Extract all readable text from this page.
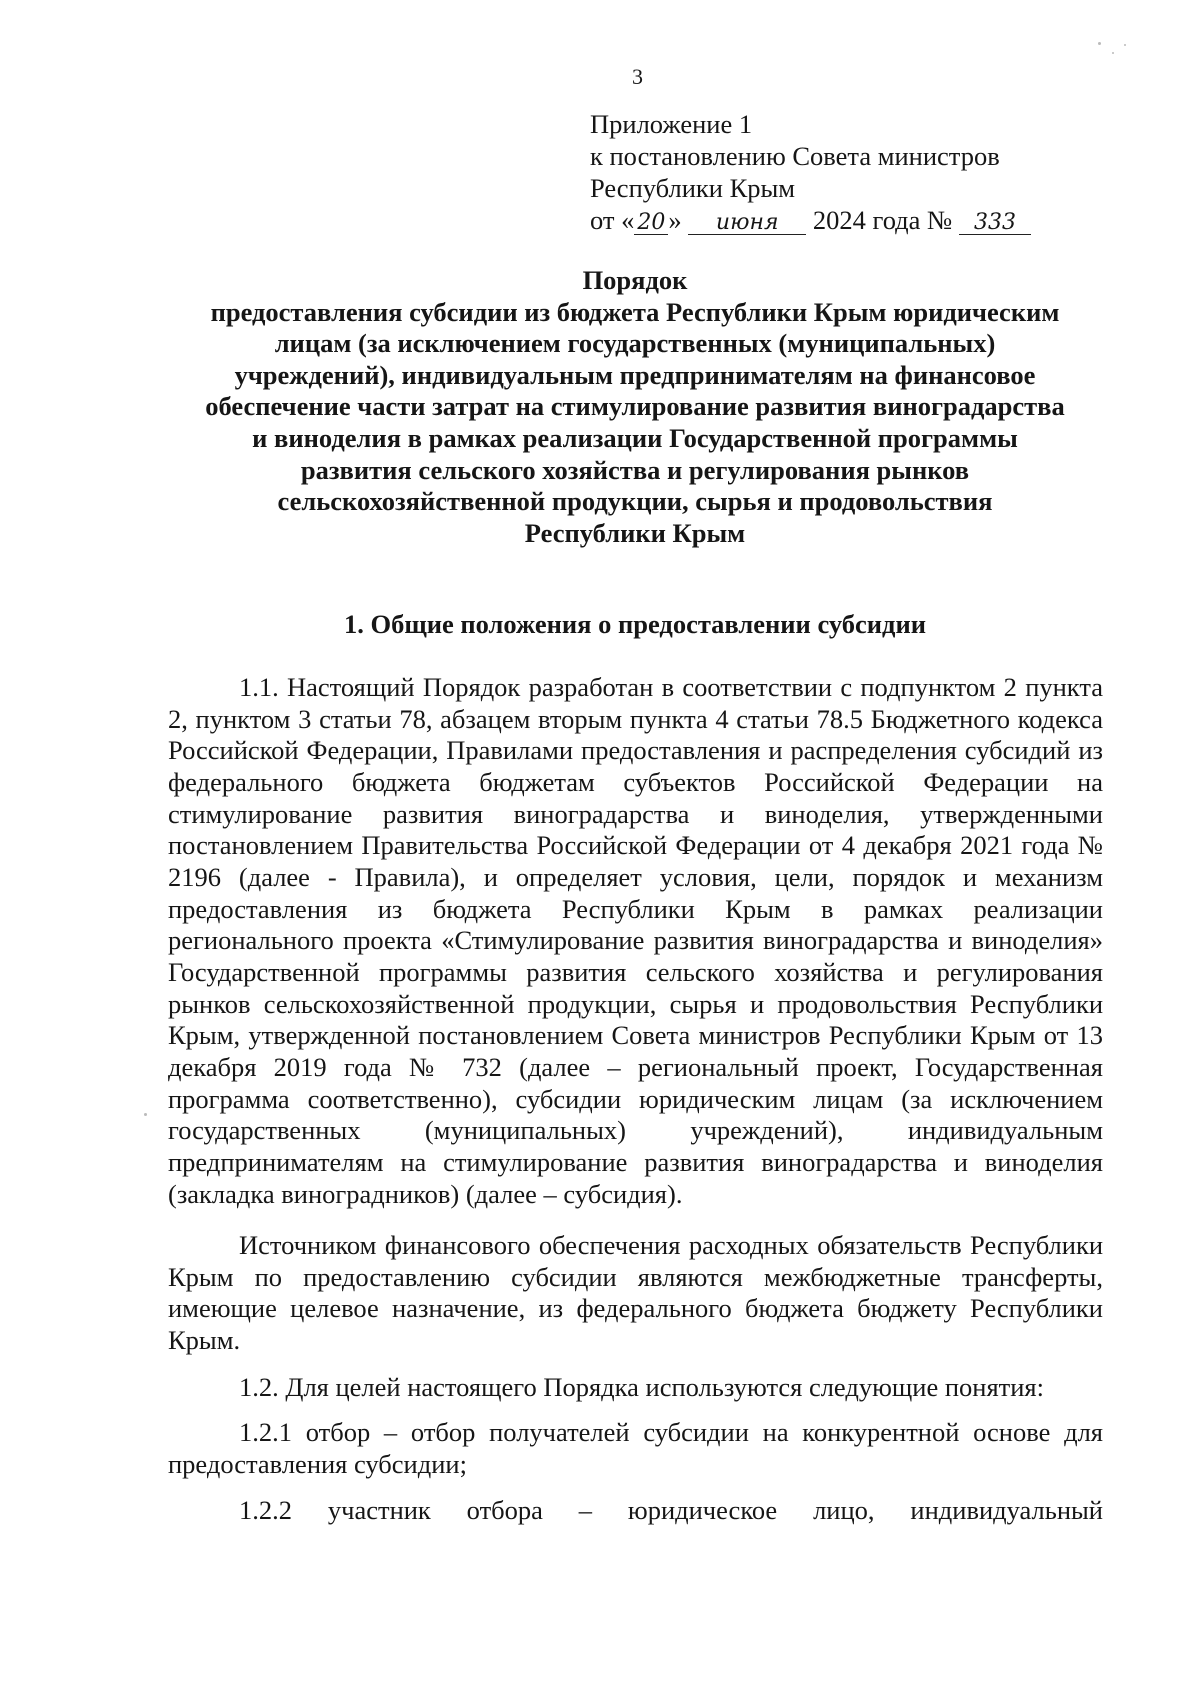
3
Приложение 1
к постановлению Совета министров
Республики Крым
от « 20 » июня 2024 года № 333
Порядок
предоставления субсидии из бюджета Республики Крым юридическим
лицам (за исключением государственных (муниципальных)
учреждений), индивидуальным предпринимателям на финансовое
обеспечение части затрат на стимулирование развития виноградарства
и виноделия в рамках реализации Государственной программы
развития сельского хозяйства и регулирования рынков
сельскохозяйственной продукции, сырья и продовольствия
Республики Крым
1. Общие положения о предоставлении субсидии

1.1. Настоящий Порядок разработан в соответствии с подпунктом 2 пункта 2, пунктом 3 статьи 78, абзацем вторым пункта 4 статьи 78.5 Бюджетного кодекса Российской Федерации, Правилами предоставления и распределения субсидий из федерального бюджета бюджетам субъектов Российской Федерации на стимулирование развития виноградарства и виноделия, утвержденными постановлением Правительства Российской Федерации от 4 декабря 2021 года № 2196 (далее - Правила), и определяет условия, цели, порядок и механизм предоставления из бюджета Республики Крым в рамках реализации регионального проекта «Стимулирование развития виноградарства и виноделия» Государственной программы развития сельского хозяйства и регулирования рынков сельскохозяйственной продукции, сырья и продовольствия Республики Крым, утвержденной постановлением Совета министров Республики Крым от 13 декабря 2019 года № 732 (далее – региональный проект, Государственная программа соответственно), субсидии юридическим лицам (за исключением государственных (муниципальных) учреждений), индивидуальным предпринимателям на стимулирование развития виноградарства и виноделия (закладка виноградников) (далее – субсидия).

Источником финансового обеспечения расходных обязательств Республики Крым по предоставлению субсидии являются межбюджетные трансферты, имеющие целевое назначение, из федерального бюджета бюджету Республики Крым.

1.2. Для целей настоящего Порядка используются следующие понятия:

1.2.1 отбор – отбор получателей субсидии на конкурентной основе для предоставления субсидии;

1.2.2 участник отбора – юридическое лицо, индивидуальный
